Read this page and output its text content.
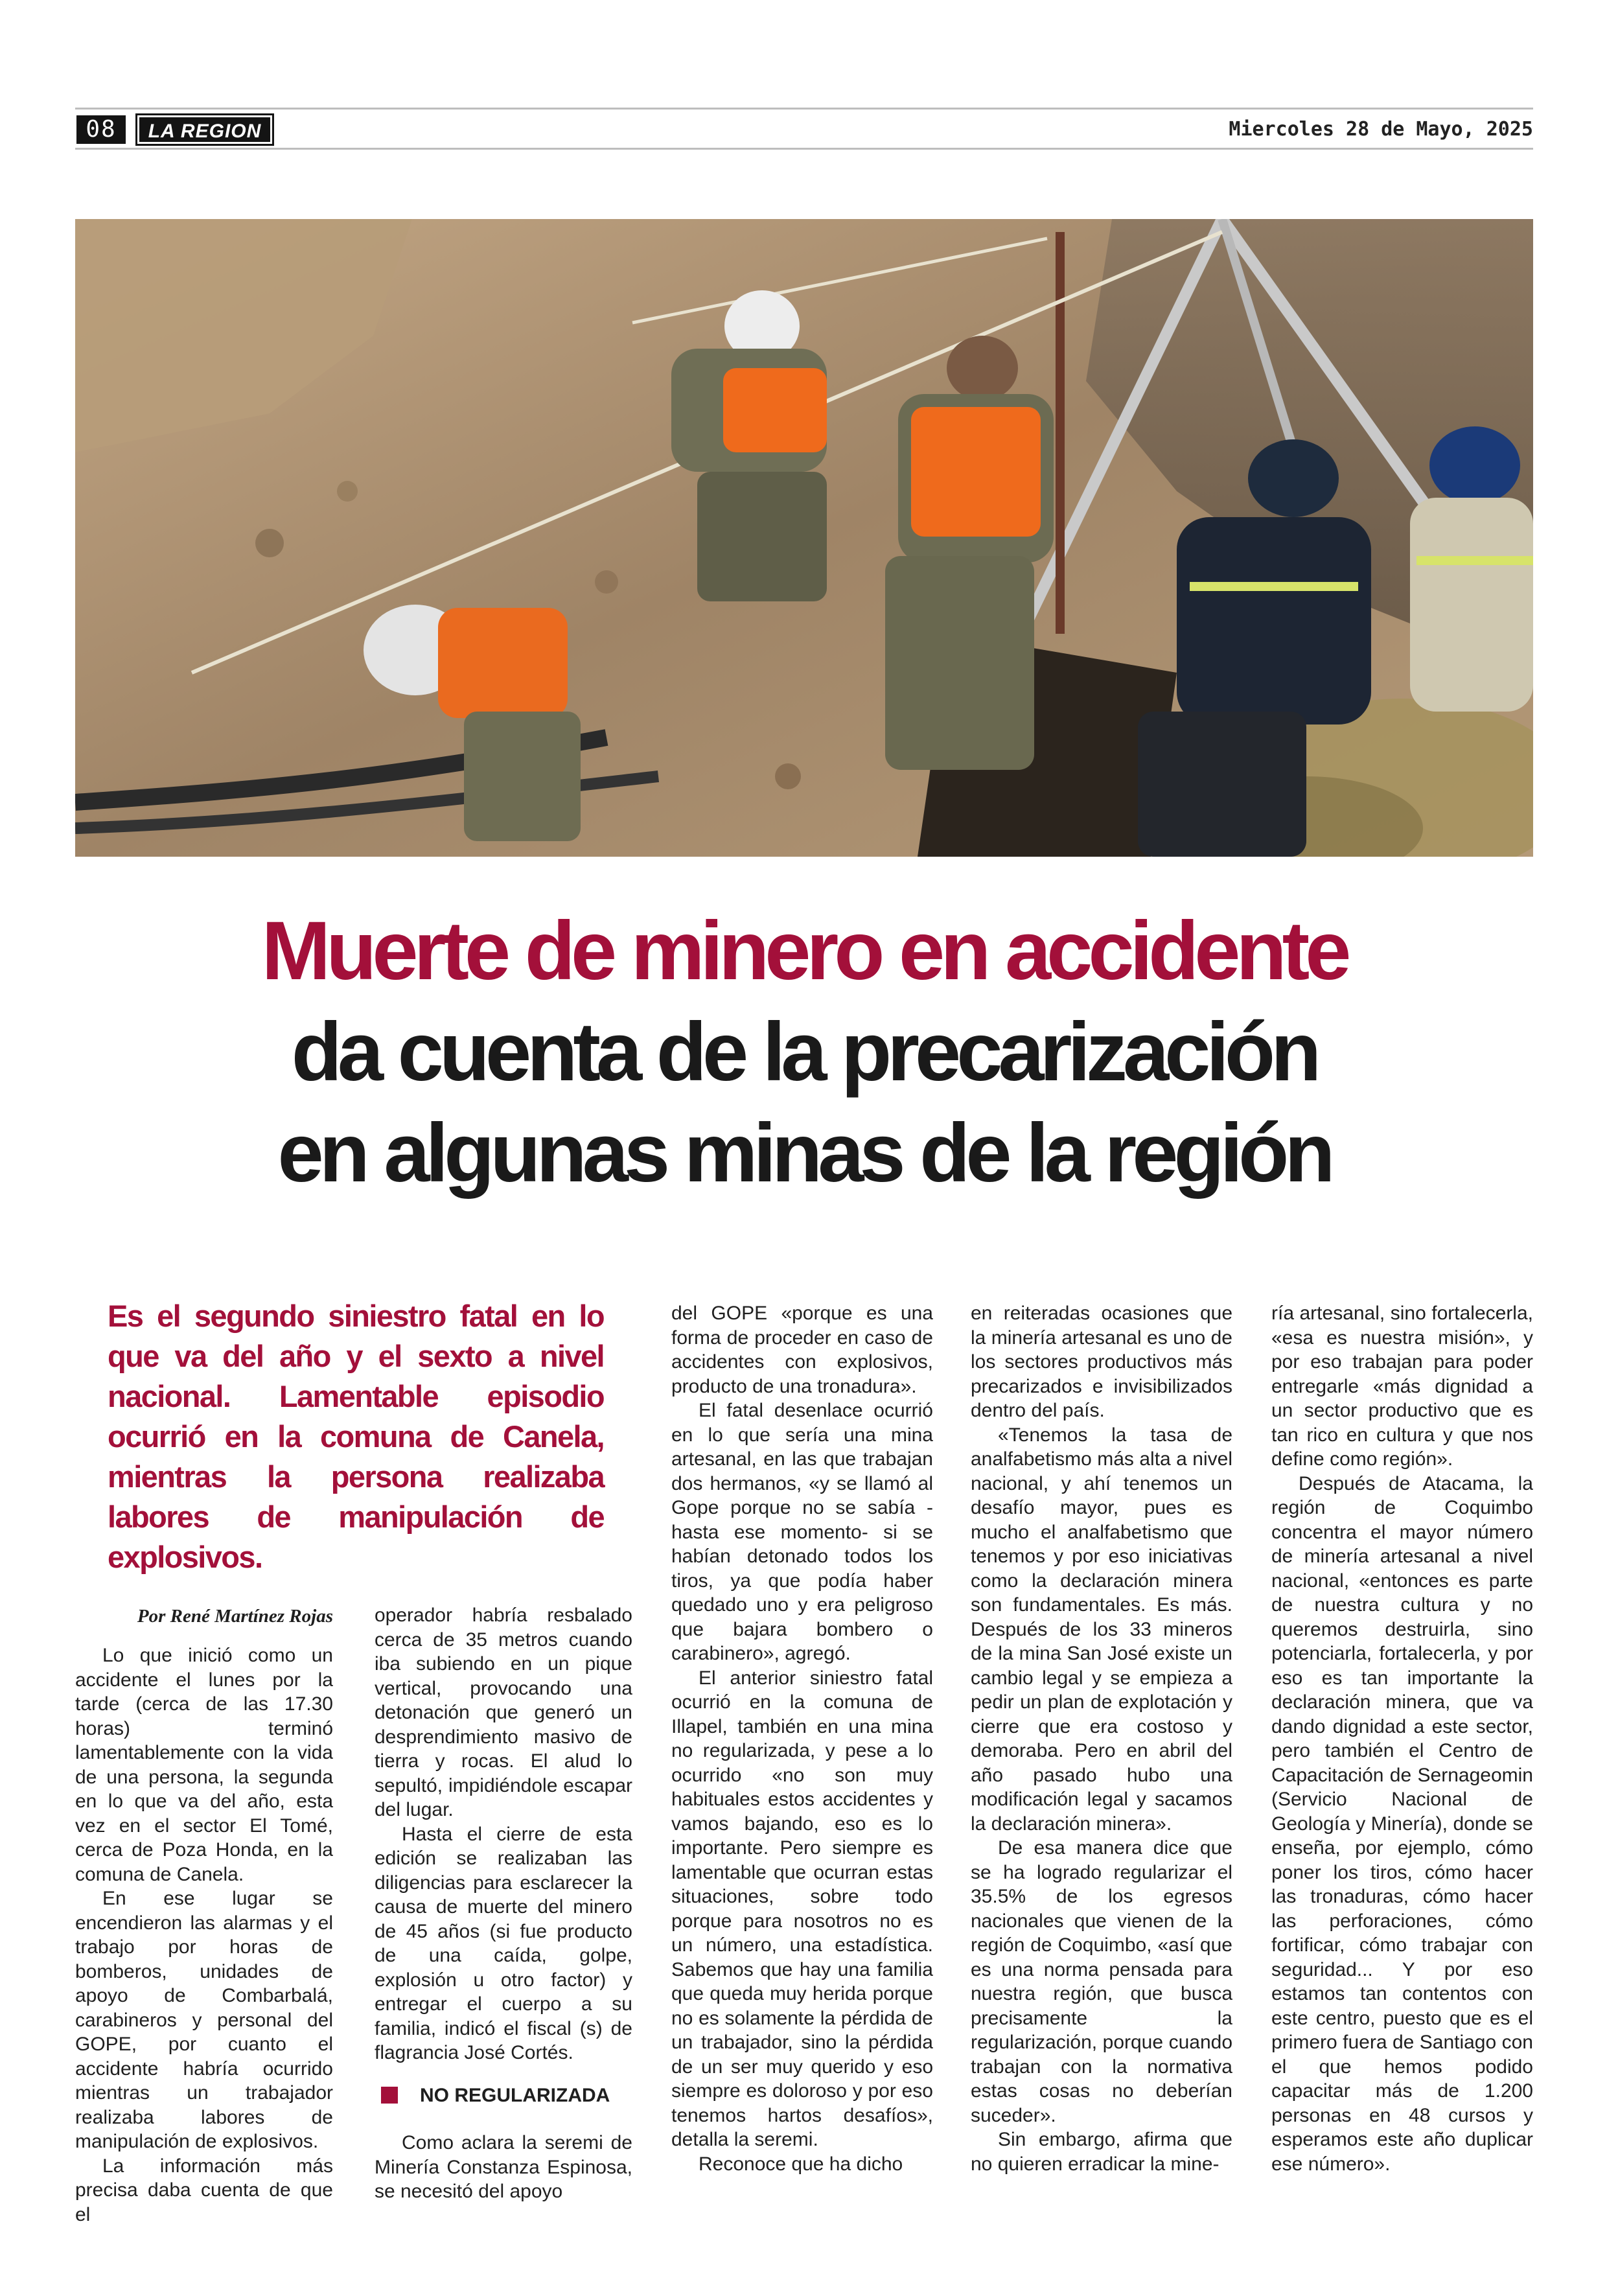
08	LA REGION	Miercoles 28 de Mayo, 2025
Muerte de minero en accidente
da cuenta de la precarización
en algunas minas de la región
Es el segundo siniestro fatal en lo que va del año y el sexto a nivel nacional. Lamentable episodio ocurrió en la comuna de Canela, mientras la persona realizaba labores de manipulación de explosivos.

Por René Martínez Rojas

Lo que inició como un accidente el lunes por la tarde (cerca de las 17.30 horas) terminó lamentablemente con la vida de una persona, la segunda en lo que va del año, esta vez en el sector El Tomé, cerca de Poza Honda, en la comuna de Canela.

En ese lugar se encendieron las alarmas y el trabajo por horas de bomberos, unidades de apoyo de Combarbalá, carabineros y personal del GOPE, por cuanto el accidente habría ocurrido mientras un trabajador realizaba labores de manipulación de explosivos.

La información más precisa daba cuenta de que el

operador habría resbalado cerca de 35 metros cuando iba subiendo en un pique vertical, provocando una detonación que generó un desprendimiento masivo de tierra y rocas. El alud lo sepultó, impidiéndole escapar del lugar.

Hasta el cierre de esta edición se realizaban las diligencias para esclarecer la causa de muerte del minero de 45 años (si fue producto de una caída, golpe, explosión u otro factor) y entregar el cuerpo a su familia, indicó el fiscal (s) de flagrancia José Cortés.

NO REGULARIZADA

Como aclara la seremi de Minería Constanza Espinosa, se necesitó del apoyo

del GOPE «porque es una forma de proceder en caso de accidentes con explosivos, producto de una tronadura».

El fatal desenlace ocurrió en lo que sería una mina artesanal, en las que trabajan dos hermanos, «y se llamó al Gope porque no se sabía -hasta ese momento- si se habían detonado todos los tiros, ya que podía haber quedado uno y era peligroso que bajara bombero o carabinero», agregó.

El anterior siniestro fatal ocurrió en la comuna de Illapel, también en una mina no regularizada, y pese a lo ocurrido «no son muy habituales estos accidentes y vamos bajando, eso es lo importante. Pero siempre es lamentable que ocurran estas situaciones, sobre todo porque para nosotros no es un número, una estadística. Sabemos que hay una familia que queda muy herida porque no es solamente la pérdida de un trabajador, sino la pérdida de un ser muy querido y eso siempre es doloroso y por eso tenemos hartos desafíos», detalla la seremi.

Reconoce que ha dicho

en reiteradas ocasiones que la minería artesanal es uno de los sectores productivos más precarizados e invisibilizados dentro del país.

«Tenemos la tasa de analfabetismo más alta a nivel nacional, y ahí tenemos un desafío mayor, pues es mucho el analfabetismo que tenemos y por eso iniciativas como la declaración minera son fundamentales. Es más. Después de los 33 mineros de la mina San José existe un cambio legal y se empieza a pedir un plan de explotación y cierre que era costoso y demoraba. Pero en abril del año pasado hubo una modificación legal y sacamos la declaración minera».

De esa manera dice que se ha logrado regularizar el 35.5% de los egresos nacionales que vienen de la región de Coquimbo, «así que es una norma pensada para nuestra región, que busca precisamente la regularización, porque cuando trabajan con la normativa estas cosas no deberían suceder».

Sin embargo, afirma que no quieren erradicar la mine-

ría artesanal, sino fortalecerla, «esa es nuestra misión», y por eso trabajan para poder entregarle «más dignidad a un sector productivo que es tan rico en cultura y que nos define como región».

Después de Atacama, la región de Coquimbo concentra el mayor número de minería artesanal a nivel nacional, «entonces es parte de nuestra cultura y no queremos destruirla, sino potenciarla, fortalecerla, y por eso es tan importante la declaración minera, que va dando dignidad a este sector, pero también el Centro de Capacitación de Sernageomin (Servicio Nacional de Geología y Minería), donde se enseña, por ejemplo, cómo poner los tiros, cómo hacer las tronaduras, cómo hacer las perforaciones, cómo fortificar, cómo trabajar con seguridad... Y por eso estamos tan contentos con este centro, puesto que es el primero fuera de Santiago con el que hemos podido capacitar más de 1.200 personas en 48 cursos y esperamos este año duplicar ese número».
